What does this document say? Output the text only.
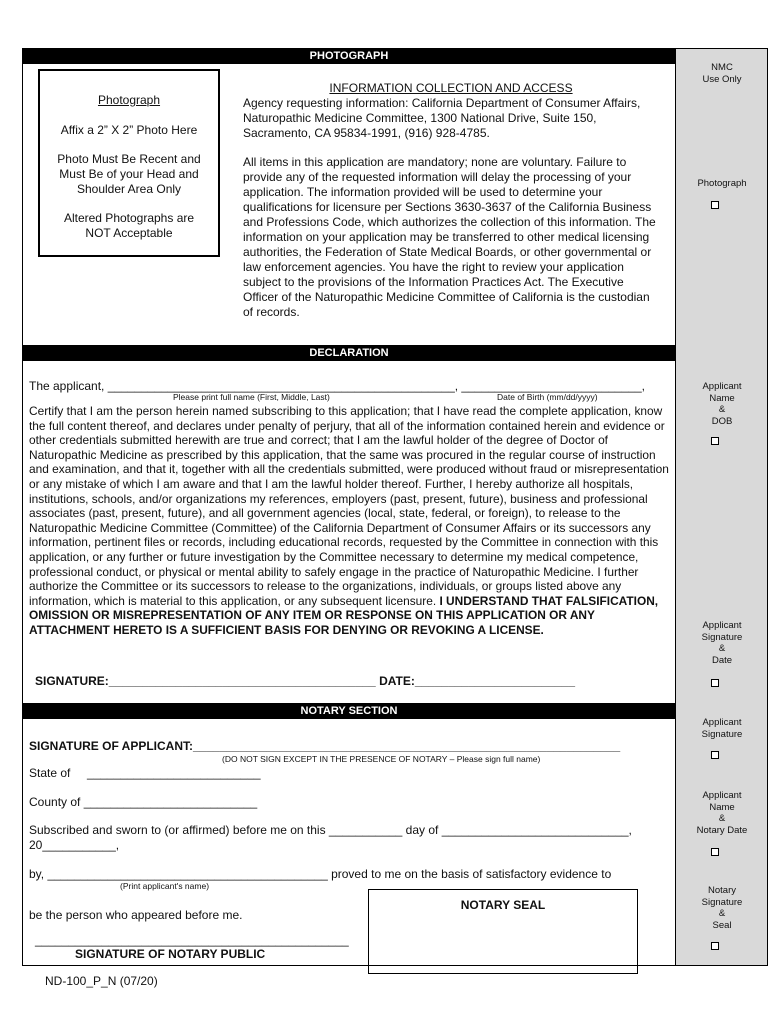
PHOTOGRAPH

Photograph

Affix a 2” X 2” Photo Here

Photo Must Be Recent and Must Be of your Head and Shoulder Area Only

Altered Photographs are NOT Acceptable

INFORMATION COLLECTION AND ACCESS
Agency requesting information: California Department of Consumer Affairs, Naturopathic Medicine Committee, 1300 National Drive, Suite 150, Sacramento, CA 95834-1991, (916) 928-4785.
All items in this application are mandatory; none are voluntary. Failure to provide any of the requested information will delay the processing of your application. The information provided will be used to determine your qualifications for licensure per Sections 3630-3637 of the California Business and Professions Code, which authorizes the collection of this information. The information on your application may be transferred to other medical licensing authorities, the Federation of State Medical Boards, or other governmental or law enforcement agencies. You have the right to review your application subject to the provisions of the Information Practices Act. The Executive Officer of the Naturopathic Medicine Committee of California is the custodian of records.
DECLARATION
The applicant, ____________________________________________________, ___________________________,
Please print full name (First, Middle, Last)	Date of Birth (mm/dd/yyyy)
Certify that I am the person herein named subscribing to this application; that I have read the complete application, know the full content thereof, and declares under penalty of perjury, that all of the information contained herein and evidence or other credentials submitted herewith are true and correct; that I am the lawful holder of the degree of Doctor of Naturopathic Medicine as prescribed by this application, that the same was procured in the regular course of instruction and examination, and that it, together with all the credentials submitted, were produced without fraud or misrepresentation or any mistake of which I am aware and that I am the lawful holder thereof. Further, I hereby authorize all hospitals, institutions, schools, and/or organizations my references, employers (past, present, future), business and professional associates (past, present, future), and all government agencies (local, state, federal, or foreign), to release to the Naturopathic Medicine Committee (Committee) of the California Department of Consumer Affairs or its successors any information, pertinent files or records, including educational records, requested by the Committee in connection with this application, or any further or future investigation by the Committee necessary to determine my medical competence, professional conduct, or physical or mental ability to safely engage in the practice of Naturopathic Medicine. I further authorize the Committee or its successors to release to the organizations, individuals, or groups listed above any information, which is material to this application, or any subsequent licensure. I UNDERSTAND THAT FALSIFICATION, OMISSION OR MISREPRESENTATION OF ANY ITEM OR RESPONSE ON THIS APPLICATION OR ANY ATTACHMENT HERETO IS A SUFFICIENT BASIS FOR DENYING OR REVOKING A LICENSE.
SIGNATURE:________________________________________ DATE:________________________
NOTARY SECTION
SIGNATURE OF APPLICANT:________________________________________________________________
(DO NOT SIGN EXCEPT IN THE PRESENCE OF NOTARY – Please sign full name)
State of     __________________________
County of __________________________
Subscribed and sworn to (or affirmed) before me on this ___________ day of ____________________________,
20___________,
by, __________________________________________ proved to me on the basis of satisfactory evidence to
(Print applicant's name)
be the person who appeared before me.
_______________________________________________
SIGNATURE OF NOTARY PUBLIC
NOTARY SEAL
NMC
Use Only
Photograph
Applicant
Name
&
DOB
Applicant
Signature
&
Date
Applicant
Signature
Applicant
Name
&
Notary Date
Notary
Signature
&
Seal
ND-100_P_N (07/20)
